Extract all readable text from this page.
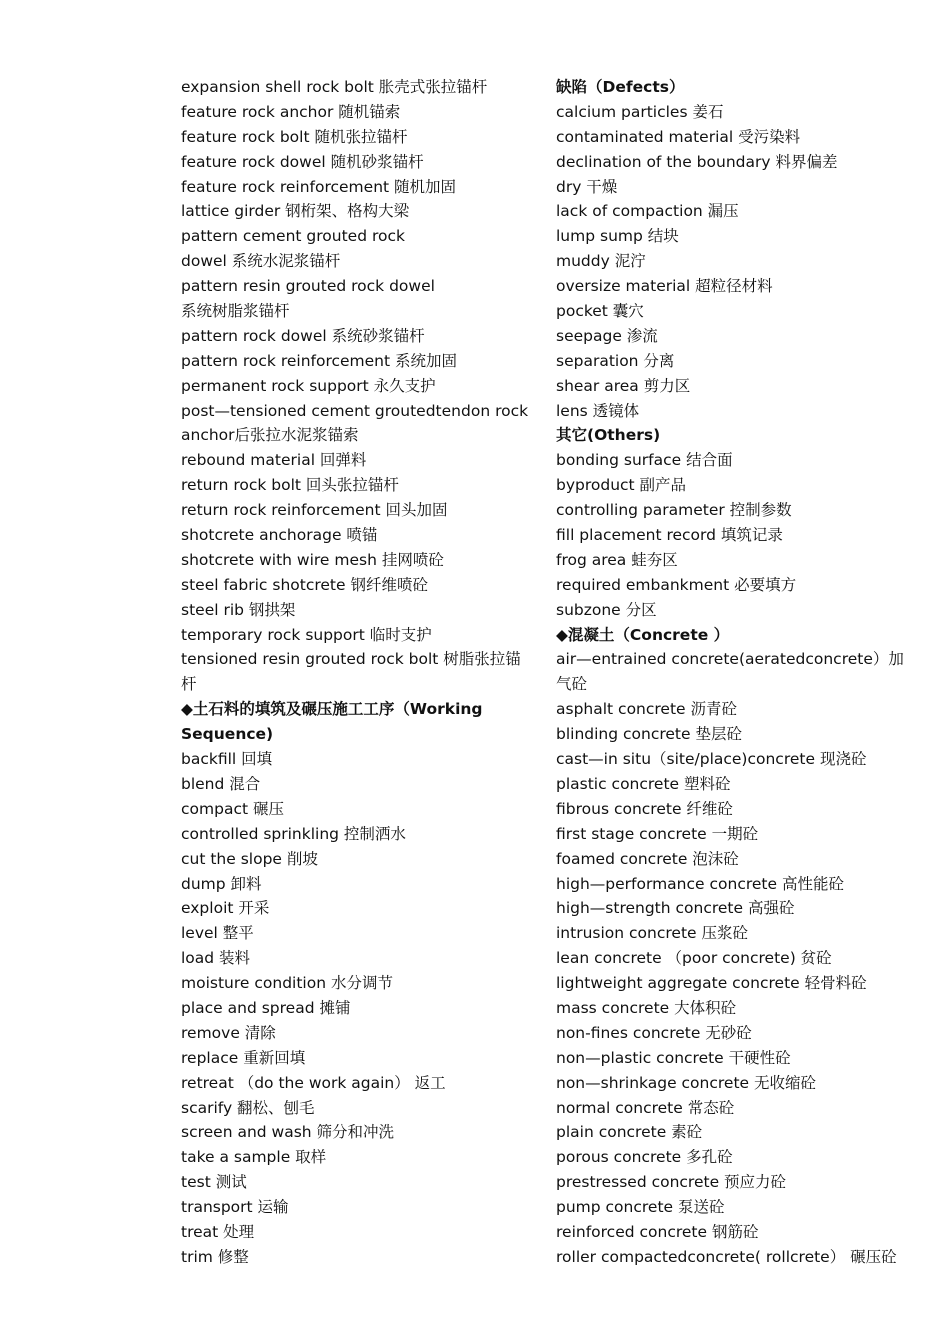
expansion shell rock bolt 胀壳式张拉锚杆
feature rock anchor 随机锚索
feature rock bolt 随机张拉锚杆
feature rock dowel 随机砂浆锚杆
feature rock reinforcement 随机加固
lattice girder 钢桁架、格构大梁
pattern cement grouted rock
dowel 系统水泥浆锚杆
pattern resin grouted rock dowel
系统树脂浆锚杆
pattern rock dowel 系统砂浆锚杆
pattern rock reinforcement 系统加固
permanent rock support 永久支护
post—tensioned cement groutedtendon rock
anchor后张拉水泥浆锚索
rebound material 回弹料
return rock bolt 回头张拉锚杆
return rock reinforcement 回头加固
shotcrete anchorage 喷锚
shotcrete with wire mesh 挂网喷砼
steel fabric shotcrete 钢纤维喷砼
steel rib 钢拱架
temporary rock support 临时支护
tensioned resin grouted rock bolt 树脂张拉锚
杆
◆土石料的填筑及碾压施工工序（Working
Sequence)
backfill 回填
blend 混合
compact 碾压
controlled sprinkling 控制洒水
cut the slope 削坡
dump 卸料
exploit 开采
level 整平
load 装料
moisture condition 水分调节
place and spread 摊铺
remove 清除
replace 重新回填
retreat （do the work again） 返工
scarify 翻松、刨毛
screen and wash 筛分和冲洗
take a sample 取样
test 测试
transport 运输
treat 处理
trim 修整
缺陷（Defects）
calcium particles 姜石
contaminated material 受污染料
declination of the boundary 料界偏差
dry 干燥
lack of compaction 漏压
lump sump 结块
muddy 泥泞
oversize material 超粒径材料
pocket 囊穴
seepage 渗流
separation 分离
shear area 剪力区
lens 透镜体
其它(Others)
bonding surface 结合面
byproduct 副产品
controlling parameter 控制参数
fill placement record 填筑记录
frog area 蛙夯区
required embankment 必要填方
subzone 分区
◆混凝土（Concrete ）
air—entrained concrete(aeratedconcrete）加
气砼
asphalt concrete 沥青砼
blinding concrete 垫层砼
cast—in situ（site/place)concrete 现浇砼
plastic concrete 塑料砼
fibrous concrete 纤维砼
first stage concrete 一期砼
foamed concrete 泡沫砼
high—performance concrete 高性能砼
high—strength concrete 高强砼
intrusion concrete 压浆砼
lean concrete （poor concrete) 贫砼
lightweight aggregate concrete 轻骨料砼
mass concrete 大体积砼
non-fines concrete 无砂砼
non—plastic concrete 干硬性砼
non—shrinkage concrete 无收缩砼
normal concrete 常态砼
plain concrete 素砼
porous concrete 多孔砼
prestressed concrete 预应力砼
pump concrete 泵送砼
reinforced concrete 钢筋砼
roller compactedconcrete( rollcrete） 碾压砼
